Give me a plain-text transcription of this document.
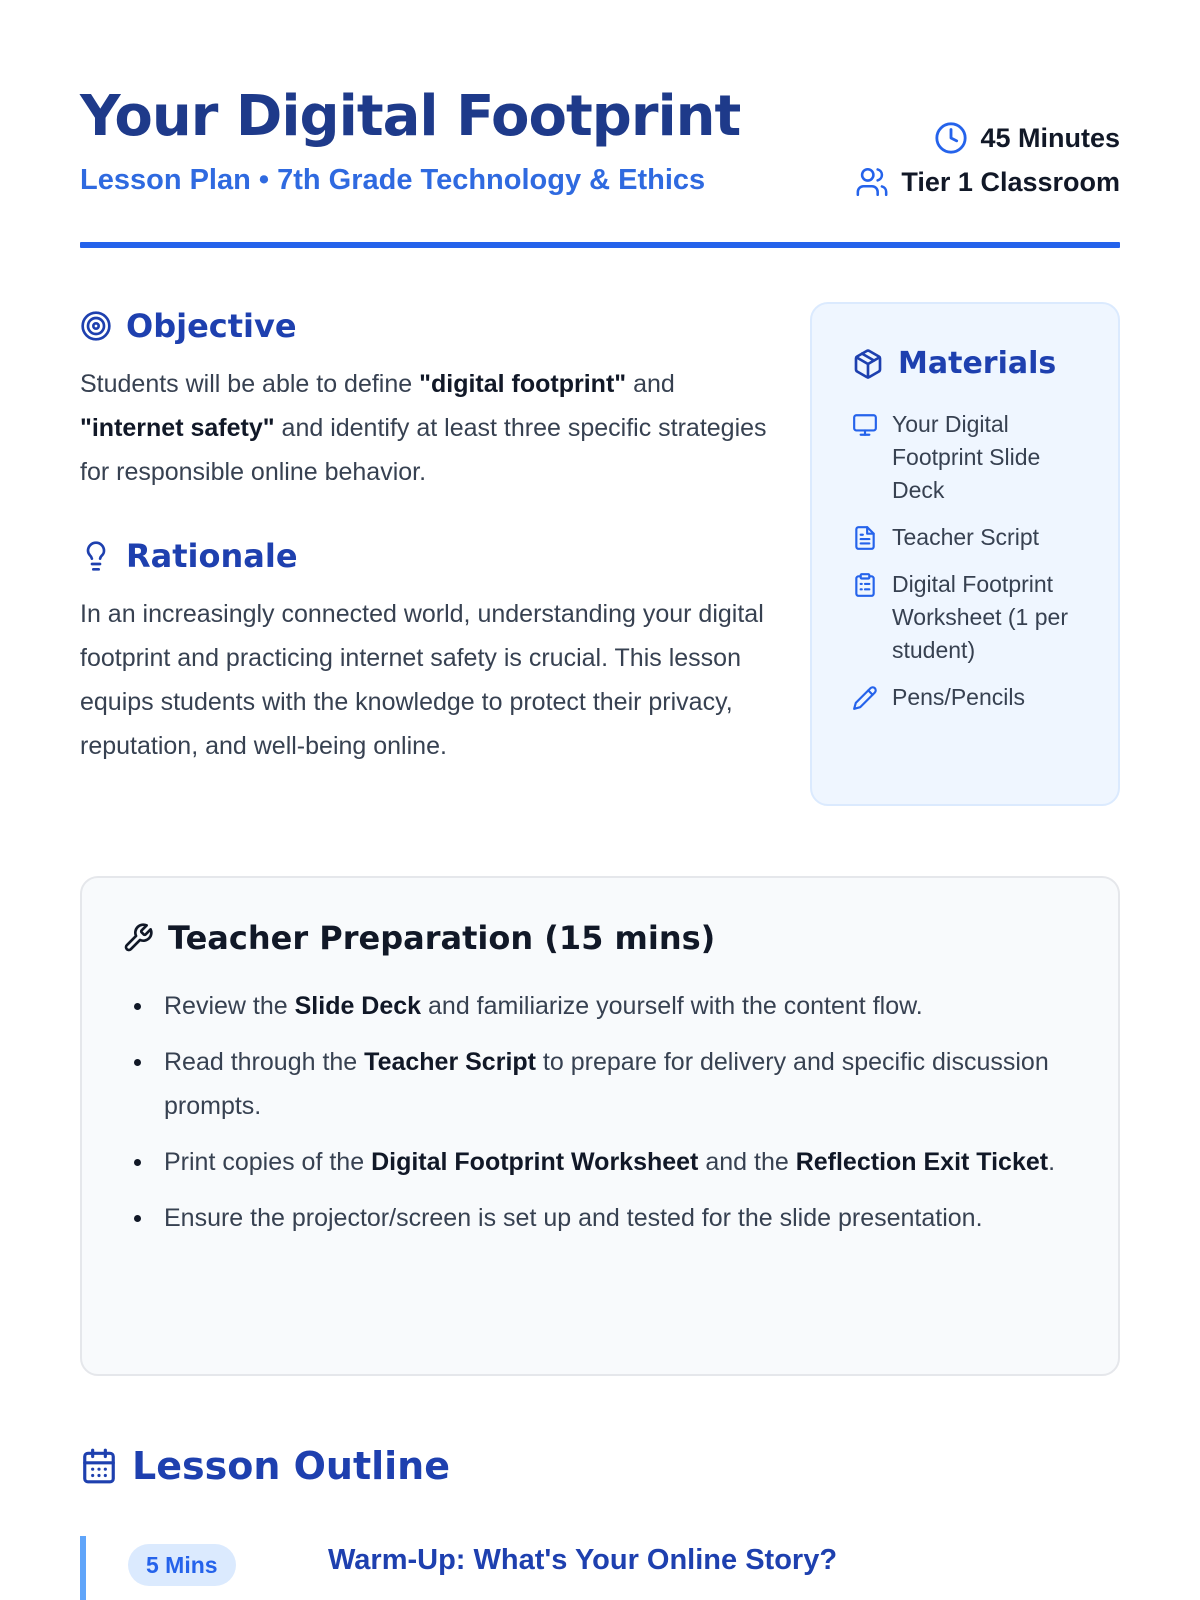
Your Digital Footprint
Lesson Plan • 7th Grade Technology & Ethics
45 Minutes
Tier 1 Classroom
Objective

Students will be able to define "digital footprint" and "internet safety" and identify at least three specific strategies for responsible online behavior.

Rationale

In an increasingly connected world, understanding your digital footprint and practicing internet safety is crucial. This lesson equips students with the knowledge to protect their privacy, reputation, and well-being online.

Materials
Your Digital Footprint Slide Deck
Teacher Script
Digital Footprint Worksheet (1 per student)
Pens/Pencils
Teacher Preparation (15 mins)
Review the Slide Deck and familiarize yourself with the content flow.
Read through the Teacher Script to prepare for delivery and specific discussion prompts.
Print copies of the Digital Footprint Worksheet and the Reflection Exit Ticket.
Ensure the projector/screen is set up and tested for the slide presentation.
Lesson Outline
5 Mins	Warm-Up: What's Your Online Story?
